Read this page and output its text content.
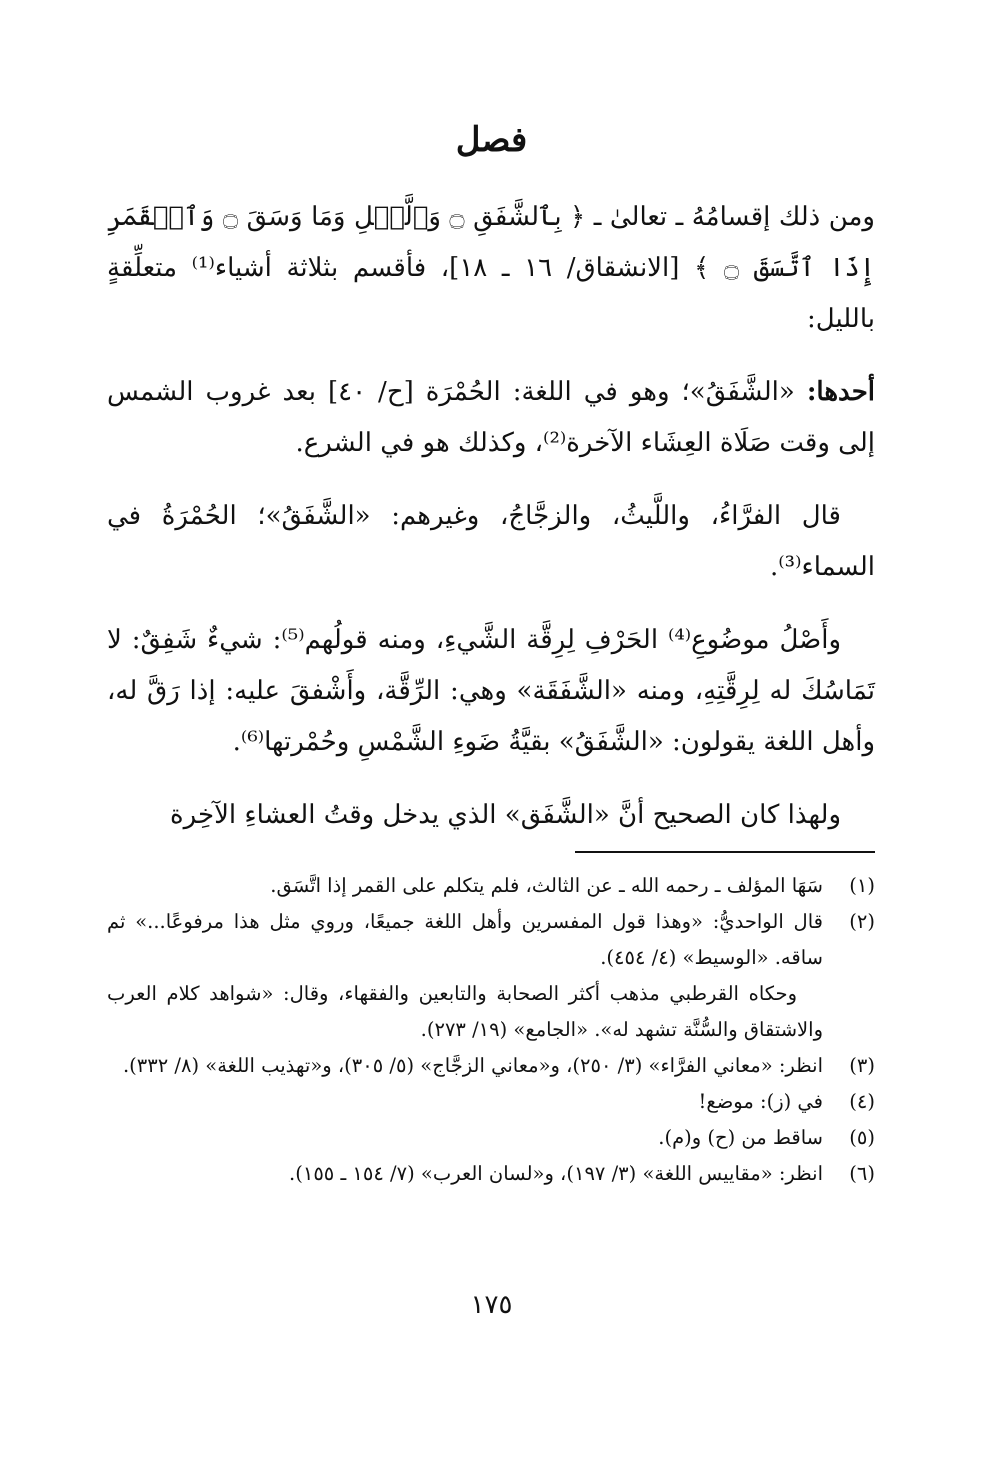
فصل

ومن ذلك إقسامُهُ ـ تعالىٰ ـ ﴿ بِٱلشَّفَقِ ۝ وَٱلَّيۡلِ وَمَا وَسَقَ ۝ وَٱلۡقَمَرِ إِذَا ٱتَّسَقَ ۝ ﴾ [الانشقاق/ ١٦ ـ ١٨]، فأقسم بثلاثة أشياء⁽¹⁾ متعلِّقةٍ بالليل:

أحدها: «الشَّفَقُ»؛ وهو في اللغة: الحُمْرَة [ح/ ٤٠] بعد غروب الشمس إلى وقت صَلَاة العِشَاء الآخرة⁽²⁾، وكذلك هو في الشرع.

قال الفرَّاءُ، واللَّيثُ، والزجَّاجُ، وغيرهم: «الشَّفَقُ»؛ الحُمْرَةُ في السماء⁽³⁾.

وأَصْلُ موضُوعِ⁽⁴⁾ الحَرْفِ لِرِقَّة الشَّيءِ، ومنه قولُهم⁽⁵⁾: شيءٌ شَفِقٌ: لا تَمَاسُكَ له لِرِقَّتِهِ، ومنه «الشَّفَقَة» وهي: الرِّقَّة، وأَشْفقَ عليه: إذا رَقَّ له، وأهل اللغة يقولون: «الشَّفَقُ» بقيَّةُ ضَوءِ الشَّمْسِ وحُمْرتها⁽⁶⁾.

ولهذا كان الصحيح أنَّ «الشَّفَق» الذي يدخل وقتُ العشاءِ الآخِرة

(١)
سَهَا المؤلف ـ رحمه الله ـ عن الثالث، فلم يتكلم على القمر إذا اتَّسَق.
(٢)
قال الواحديُّ: «وهذا قول المفسرين وأهل اللغة جميعًا، وروي مثل هذا مرفوعًا...» ثم ساقه. «الوسيط» (٤/ ٤٥٤).
وحكاه القرطبي مذهب أكثر الصحابة والتابعين والفقهاء، وقال: «شواهد كلام العرب والاشتقاق والسُّنَّة تشهد له». «الجامع» (١٩/ ٢٧٣).
(٣)
انظر: «معاني الفرَّاء» (٣/ ٢٥٠)، و«معاني الزجَّاج» (٥/ ٣٠٥)، و«تهذيب اللغة» (٨/ ٣٣٢).
(٤)
في (ز): موضع!
(٥)
ساقط من (ح) و(م).
(٦)
انظر: «مقاييس اللغة» (٣/ ١٩٧)، و«لسان العرب» (٧/ ١٥٤ ـ ١٥٥).
١٧٥
